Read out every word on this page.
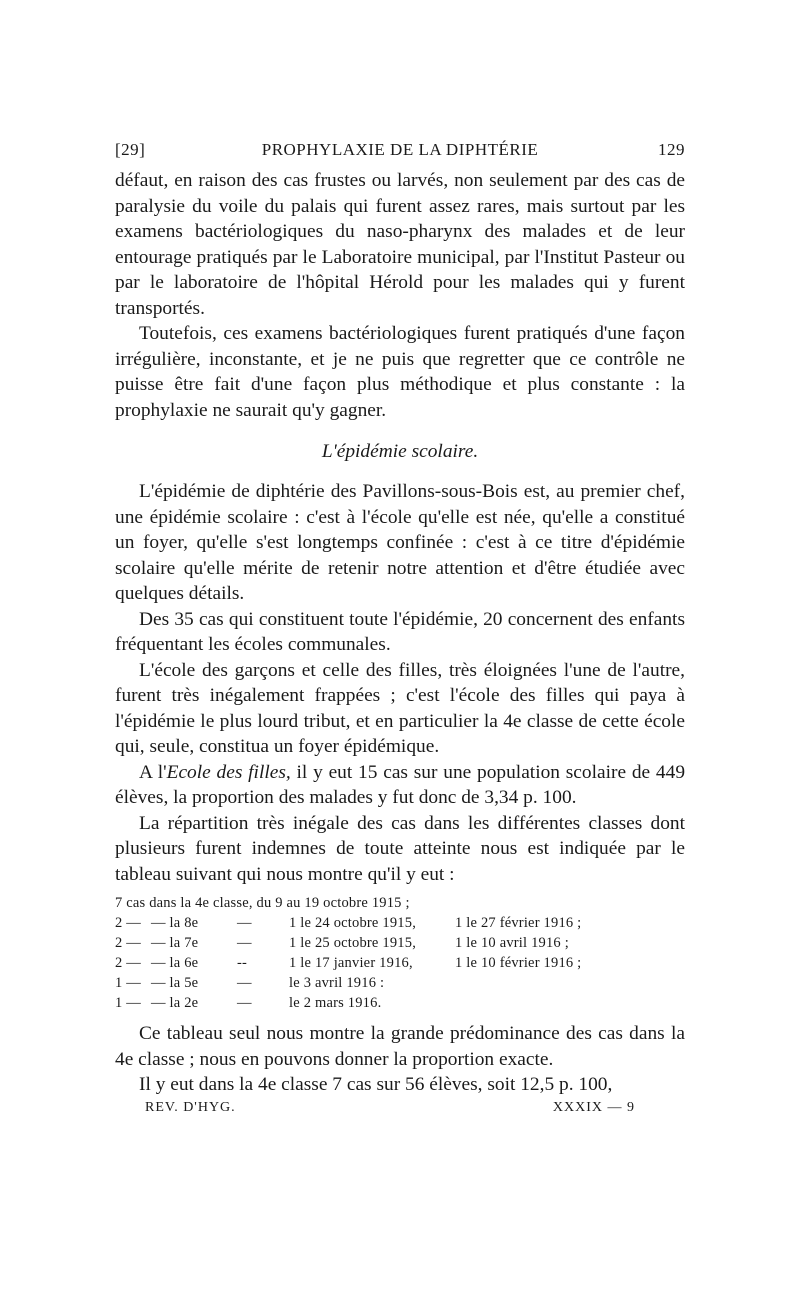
[29]	PROPHYLAXIE DE LA DIPHTÉRIE	129

défaut, en raison des cas frustes ou larvés, non seulement par des cas de paralysie du voile du palais qui furent assez rares, mais surtout par les examens bactériologiques du naso-pharynx des malades et de leur entourage pratiqués par le Laboratoire municipal, par l'Institut Pasteur ou par le laboratoire de l'hôpital Hérold pour les malades qui y furent transportés.

Toutefois, ces examens bactériologiques furent pratiqués d'une façon irrégulière, inconstante, et je ne puis que regretter que ce contrôle ne puisse être fait d'une façon plus méthodique et plus constante : la prophylaxie ne saurait qu'y gagner.

L'épidémie scolaire.

L'épidémie de diphtérie des Pavillons-sous-Bois est, au premier chef, une épidémie scolaire : c'est à l'école qu'elle est née, qu'elle a constitué un foyer, qu'elle s'est longtemps confinée : c'est à ce titre d'épidémie scolaire qu'elle mérite de retenir notre attention et d'être étudiée avec quelques détails.

Des 35 cas qui constituent toute l'épidémie, 20 concernent des enfants fréquentant les écoles communales.

L'école des garçons et celle des filles, très éloignées l'une de l'autre, furent très inégalement frappées ; c'est l'école des filles qui paya à l'épidémie le plus lourd tribut, et en particulier la 4e classe de cette école qui, seule, constitua un foyer épidémique.

A l'Ecole des filles, il y eut 15 cas sur une population scolaire de 449 élèves, la proportion des malades y fut donc de 3,34 p. 100.

La répartition très inégale des cas dans les différentes classes dont plusieurs furent indemnes de toute atteinte nous est indiquée par le tableau suivant qui nous montre qu'il y eut :

7 cas dans la 4e classe, du 9 au 19 octobre 1915 ;
2 — — la 8e	—	1 le 24 octobre 1915,	1 le 27 février 1916 ;
2 — — la 7e	—	1 le 25 octobre 1915,	1 le 10 avril 1916 ;
2 — — la 6e	--	1 le 17 janvier 1916,	1 le 10 février 1916 ;
1 — — la 5e	—	le 3 avril 1916 :
1 — — la 2e	—	le 2 mars 1916.

Ce tableau seul nous montre la grande prédominance des cas dans la 4e classe ; nous en pouvons donner la proportion exacte.

Il y eut dans la 4e classe 7 cas sur 56 élèves, soit 12,5 p. 100,

REV. D'HYG.	XXXIX — 9
